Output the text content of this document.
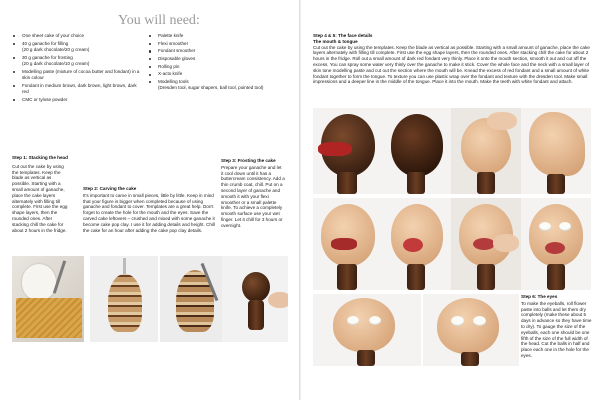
You will need:
One sheet cake of your choice
40 g ganache for filling
(20 g dark chocolate/20 g cream)
30 g ganache for frosting
(20 g dark chocolate/10 g cream)
Modelling paste (mixture of cocoa butter and fondant) in a skin colour
Fondant in medium brown, dark brown, light brown, dark red
CMC or tylose powder
Palette knife
Flexi smoother
Fondant smoother
Disposable gloves
Rolling pin
X-acto knife
Modelling tools
(Dresden tool, sugar shapers, ball tool, pointed tool)
Step 1: Stacking the head
Cut out the cake by using the templates. Keep the blade as vertical as possible. Starting with a small amount of ganache, place the cake layers alternately with filling till complete. First use the egg shape layers, then the rounded ones. After stacking chill the cake for about 2 hours in the fridge.
Step 2: Carving the cake
It's important to carve in small pieces, little by little. Keep in mind that your figure is bigger when completed because of using ganache and fondant to cover. Templates are a great help. Don't forget to create the hole for the mouth and the eyes. Save the carved cake leftovers – crushed and mixed with some ganache it become cake pop clay. I use it for adding details and height. Chill the cake for an hour after adding the cake pop clay details.
Step 3: Frosting the cake
Prepare your ganache and let it cool down until it has a buttercream consistency. Add a thin crumb coat, chill. Put on a second layer of ganache and smooth it with your flexi smoother or a small palette knife. To achieve a completely smooth surface use your wet finger. Let it chill for 3 hours or overnight.
Step 4 & 5: The face details
The mouth & tongue
Cut out the cake by using the templates. Keep the blade as vertical as possible. Starting with a small amount of ganache, place the cake layers alternately with filling till complete. First use the egg shape layers, then the rounded ones. After stacking chill the cake for about 2 hours in the fridge. Roll out a small amount of dark red fondant very thinly. Place it onto the mouth section, smooth it out and cut off the excess. You can spray some water very thinly over the ganache to make it stick. Cover the whole face and the neck with a small layer of skin tone modelling paste and cut out the section where the mouth will be. Knead the excess of red fondant and a small amount of white fondant together to form the tongue. To texture you can use plastic wrap over the fondant and texture with the dresden tool. Make small impressions and a deeper line in the middle of the tongue. Place it into the mouth. Make the teeth with white fondant and attach.
Step 6: The eyes
To make the eyeballs, roll flower paste into balls and let them dry completely (make these about 5 days in advance so they have time to dry). To gauge the size of the eyeballs, each one should be one fifth of the size of the full width of the head. Cut the balls in half and place each one in the hole for the eyes.
